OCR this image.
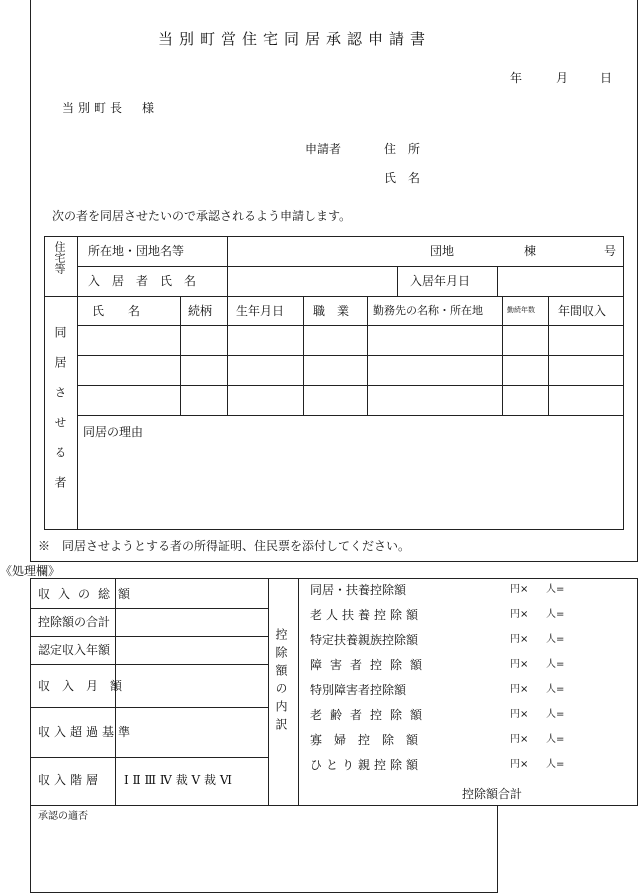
当別町営住宅同居承認申請書
年	月	日
当別町長　様
申請者	住　所
氏　名
次の者を同居させたいので承認されるよう申請します。
住宅等 所在地・団地名等	団地	棟	号
入居者氏名	入居年月日
同居させる者
氏　　名	続柄 生年月日 職　業 勤務先の名称・所在地	勤続年数 年間収入
同居の理由
※　同居させようとする者の所得証明、住民票を添付してください。
《処理欄》
収入の総額
控除額の合計
認定収入年額
収入月額
収入超過基準
収入階層 Ⅰ Ⅱ Ⅲ Ⅳ 裁 Ⅴ 裁 Ⅵ
控除額の内訳
同居・扶養控除額	円× 人=
老人扶養控除額	円× 人=
特定扶養親族控除額	円× 人=
障害者控除額	円× 人=
特別障害者控除額	円× 人=
老齢者控除額	円× 人=
寡婦控除額	円× 人=
ひとり親控除額	円× 人=
控除額合計
承認の適否
